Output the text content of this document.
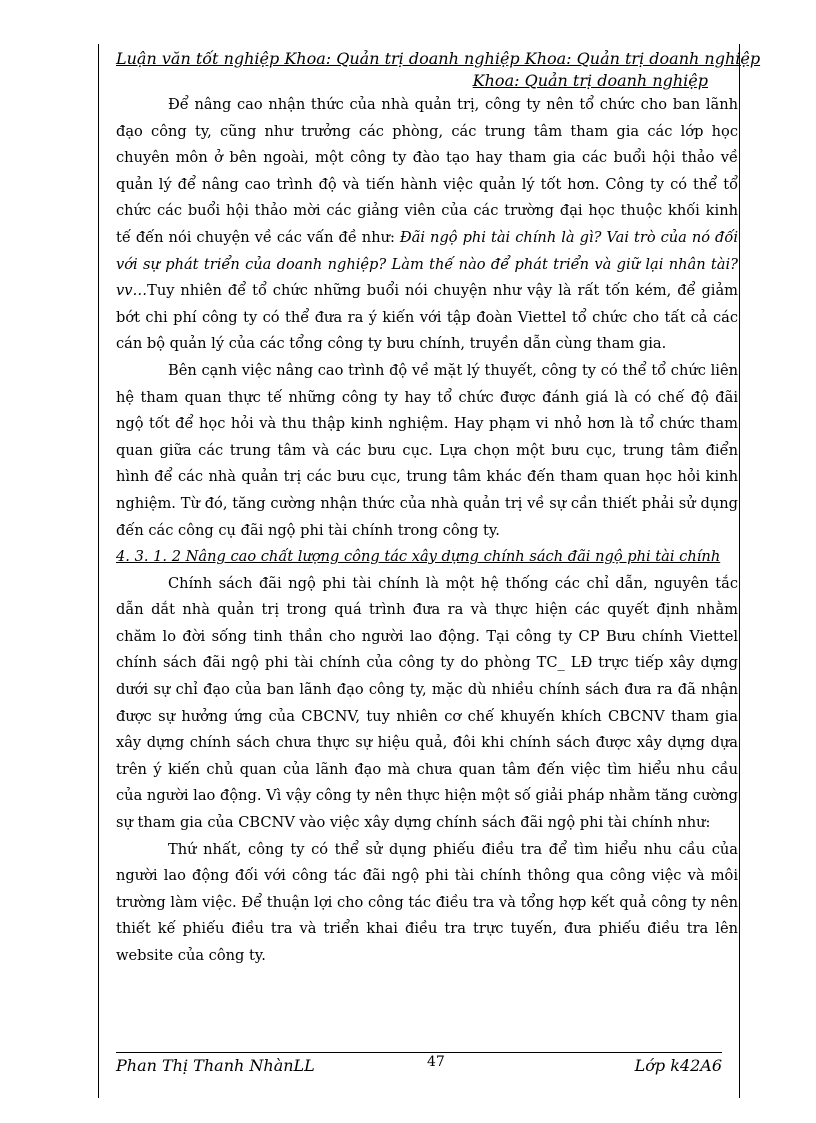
Luận văn tốt nghiệp Khoa: Quản trị doanh nghiệp Khoa: Quản trị doanh nghiệp
Khoa: Quản trị doanh nghiệp

Để nâng cao nhận thức của nhà quản trị, công ty nên tổ chức cho ban lãnh đạo công ty, cũng như trưởng các phòng, các trung tâm tham gia các lớp học chuyên môn ở bên ngoài, một công ty đào tạo hay tham gia các buổi hội thảo về quản lý để nâng cao trình độ và tiến hành việc quản lý tốt hơn. Công ty có thể tổ chức các buổi hội thảo mời các giảng viên của các trường đại học thuộc khối kinh tế đến nói chuyện về các vấn đề như: Đãi ngộ phi tài chính là gì? Vai trò của nó đối với sự phát triển của doanh nghiệp? Làm thế nào để phát triển và giữ lại nhân tài? vv…Tuy nhiên để tổ chức những buổi nói chuyện như vậy là rất tốn kém, để giảm bớt chi phí công ty có thể đưa ra ý kiến với tập đoàn Viettel tổ chức cho tất cả các cán bộ quản lý của các tổng công ty bưu chính, truyền dẫn cùng tham gia.

Bên cạnh việc nâng cao trình độ về mặt lý thuyết, công ty có thể tổ chức liên hệ tham quan thực tế những công ty hay tổ chức được đánh giá là có chế độ đãi ngộ tốt để học hỏi và thu thập kinh nghiệm. Hay phạm vi nhỏ hơn là tổ chức tham quan giữa các trung tâm và các bưu cục. Lựa chọn một bưu cục, trung tâm điển hình để các nhà quản trị các bưu cục, trung tâm khác đến tham quan học hỏi kinh nghiệm. Từ đó, tăng cường nhận thức của nhà quản trị về sự cần thiết phải sử dụng đến các công cụ đãi ngộ phi tài chính trong công ty.

4. 3. 1. 2 Nâng cao chất lượng công tác xây dựng chính sách đãi ngộ phi tài chính

Chính sách đãi ngộ phi tài chính là một hệ thống các chỉ dẫn, nguyên tắc dẫn dắt nhà quản trị trong quá trình đưa ra và thực hiện các quyết định nhằm chăm lo đời sống tinh thần cho người lao động. Tại công ty CP Bưu chính Viettel chính sách đãi ngộ phi tài chính của công ty do phòng TC_ LĐ trực tiếp xây dựng dưới sự chỉ đạo của ban lãnh đạo công ty, mặc dù nhiều chính sách đưa ra đã nhận được sự hưởng ứng của CBCNV, tuy nhiên cơ chế khuyến khích CBCNV tham gia xây dựng chính sách chưa thực sự hiệu quả, đôi khi chính sách được xây dựng dựa trên ý kiến chủ quan của lãnh đạo mà chưa quan tâm đến việc tìm hiểu nhu cầu của người lao động. Vì vậy công ty nên thực hiện một số giải pháp nhằm tăng cường sự tham gia của CBCNV vào việc xây dựng chính sách đãi ngộ phi tài chính như:

Thứ nhất, công ty có thể sử dụng phiếu điều tra để tìm hiểu nhu cầu của người lao động đối với công tác đãi ngộ phi tài chính thông qua công việc và môi trường làm việc. Để thuận lợi cho công tác điều tra và tổng hợp kết quả công ty nên thiết kế phiếu điều tra và triển khai điều tra trực tuyến, đưa phiếu điều tra lên website của công ty.

Phan Thị Thanh NhànLL	47	Lớp k42A6
